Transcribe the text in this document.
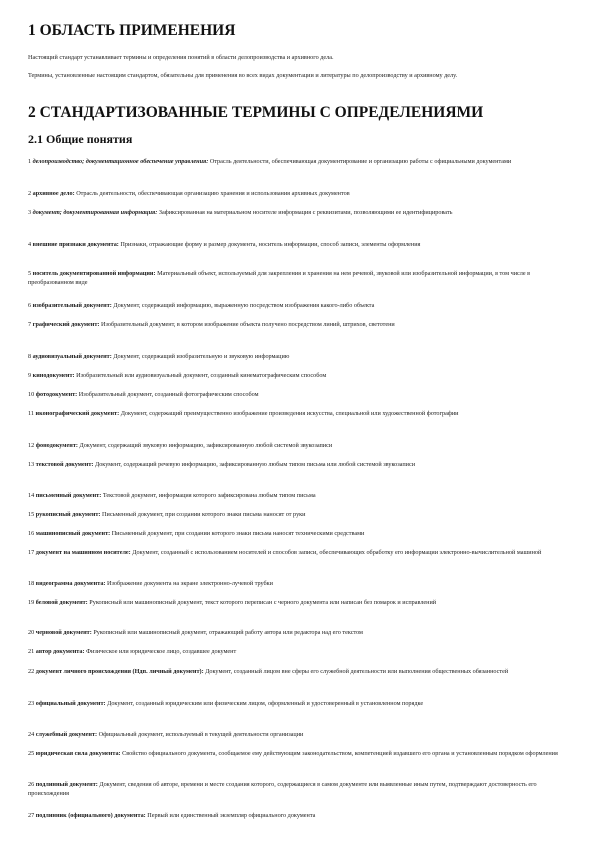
1 ОБЛАСТЬ ПРИМЕНЕНИЯ
Настоящий стандарт устанавливает термины и определения понятий в области делопроизводства и архивного дела.
Термины, установленные настоящим стандартом, обязательны для применения во всех видах документации и литературы по делопроизводству и архивному делу.
2 СТАНДАРТИЗОВАННЫЕ ТЕРМИНЫ С ОПРЕДЕЛЕНИЯМИ
2.1 Общие понятия
1 делопроизводство; документационное обеспечение управления: Отрасль деятельности, обеспечивающая документирование и организацию работы с официальными документами
2 архивное дело: Отрасль деятельности, обеспечивающая организацию хранения и использования архивных документов
3 документ; документированная информация: Зафиксированная на материальном носителе информация с реквизитами, позволяющими ее идентифицировать
4 внешние признаки документа: Признаки, отражающие форму и размер документа, носитель информации, способ записи, элементы оформления
5 носитель документированной информации: Материальный объект, используемый для закрепления и хранения на нем речевой, звуковой или изобразительной информации, в том числе в преобразованном виде
6 изобразительный документ: Документ, содержащий информацию, выраженную посредством изображения какого-либо объекта
7 графический документ: Изобразительный документ, в котором изображение объекта получено посредством линий, штрихов, светотени
8 аудиовизуальный документ: Документ, содержащий изобразительную и звуковую информацию
9 кинодокумент: Изобразительный или аудиовизуальный документ, созданный кинематографическим способом
10 фотодокумент: Изобразительный документ, созданный фотографическим способом
11 иконографический документ: Документ, содержащий преимущественно изображение произведения искусства, специальной или художественной фотографии
12 фонодокумент: Документ, содержащий звуковую информацию, зафиксированную любой системой звукозаписи
13 текстовой документ: Документ, содержащий речевую информацию, зафиксированную любым типом письма или любой системой звукозаписи
14 письменный документ: Текстовой документ, информация которого зафиксирована любым типом письма
15 рукописный документ: Письменный документ, при создании которого знаки письма наносят от руки
16 машинописный документ: Письменный документ, при создании которого знаки письма наносят техническими средствами
17 документ на машинном носителе: Документ, созданный с использованием носителей и способов записи, обеспечивающих обработку его информации электронно-вычислительной машиной
18 видеограмма документа: Изображение документа на экране электронно-лучевой трубки
19 беловой документ: Рукописный или машинописный документ, текст которого переписан с черного документа или написан без помарок и исправлений
20 черновой документ: Рукописный или машинописный документ, отражающий работу автора или редактора над его текстом
21 автор документа: Физическое или юридическое лицо, создавшее документ
22 документ личного происхождения (Ндп. личный документ): Документ, созданный лицом вне сферы его служебной деятельности или выполнения общественных обязанностей
23 официальный документ: Документ, созданный юридическим или физическим лицом, оформленный и удостоверенный в установленном порядке
24 служебный документ: Официальный документ, используемый в текущей деятельности организации
25 юридическая сила документа: Свойство официального документа, сообщаемое ему действующим законодательством, компетенцией издавшего его органа и установленным порядком оформления
26 подлинный документ: Документ, сведения об авторе, времени и месте создания которого, содержащиеся в самом документе или выявленные иным путем, подтверждают достоверность его происхождения
27 подлинник (официального) документа: Первый или единственный экземпляр официального документа
